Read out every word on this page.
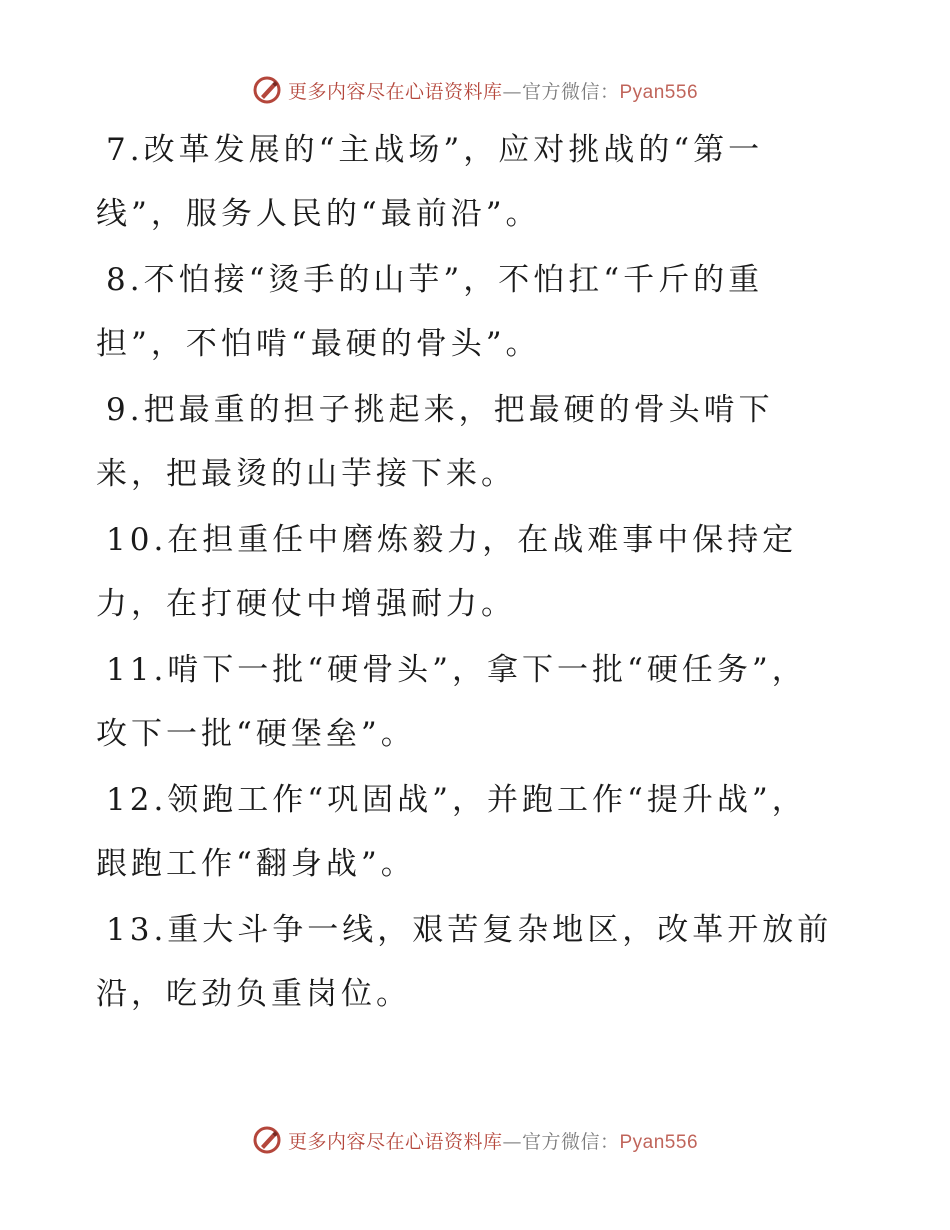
更多内容尽在心语资料库—官方微信：Pyan556

7.改革发展的“主战场”，应对挑战的“第一线”，服务人民的“最前沿”。

8.不怕接“烫手的山芋”，不怕扛“千斤的重担”，不怕啃“最硬的骨头”。

9.把最重的担子挑起来，把最硬的骨头啃下来，把最烫的山芋接下来。

10.在担重任中磨炼毅力，在战难事中保持定力，在打硬仗中增强耐力。

11.啃下一批“硬骨头”，拿下一批“硬任务”，攻下一批“硬堡垒”。

12.领跑工作“巩固战”，并跑工作“提升战”，跟跑工作“翻身战”。

13.重大斗争一线，艰苦复杂地区，改革开放前沿，吃劲负重岗位。

更多内容尽在心语资料库—官方微信：Pyan556
